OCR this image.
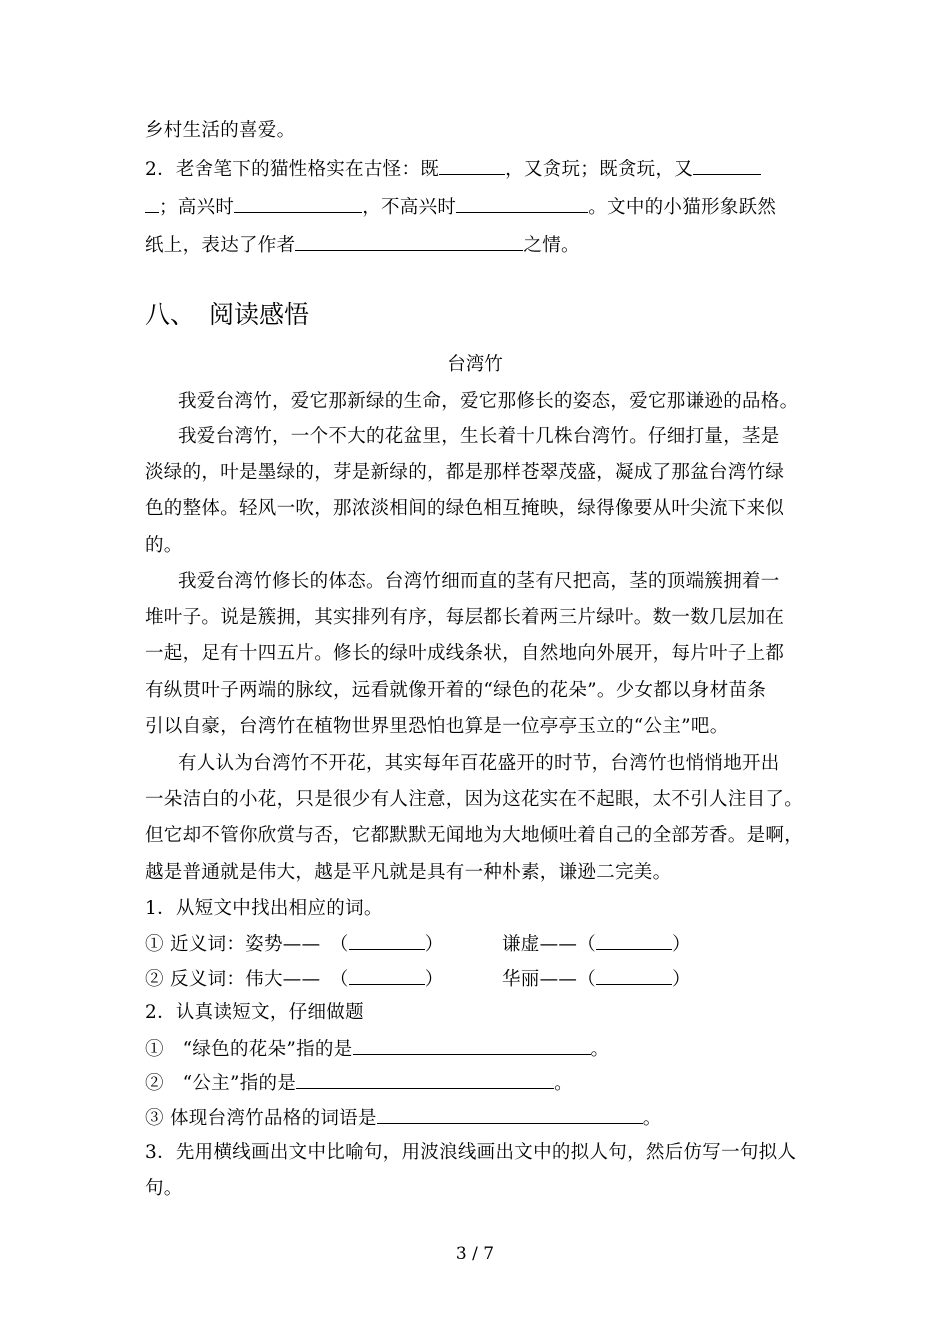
乡村生活的喜爱。
2．老舍笔下的猫性格实在古怪：既	，又贪玩；既贪玩，又
；高兴时	，不高兴时	。文中的小猫形象跃然
纸上，表达了作者	之情。
八、 阅读感悟
台湾竹
我爱台湾竹，爱它那新绿的生命，爱它那修长的姿态，爱它那谦逊的品格。
我爱台湾竹，一个不大的花盆里，生长着十几株台湾竹。仔细打量，茎是
淡绿的，叶是墨绿的，芽是新绿的，都是那样苍翠茂盛，凝成了那盆台湾竹绿
色的整体。轻风一吹，那浓淡相间的绿色相互掩映，绿得像要从叶尖流下来似
的。
我爱台湾竹修长的体态。台湾竹细而直的茎有尺把高，茎的顶端簇拥着一
堆叶子。说是簇拥，其实排列有序，每层都长着两三片绿叶。数一数几层加在
一起，足有十四五片。修长的绿叶成线条状，自然地向外展开，每片叶子上都
有纵贯叶子两端的脉纹，远看就像开着的“绿色的花朵”。少女都以身材苗条
引以自豪，台湾竹在植物世界里恐怕也算是一位亭亭玉立的“公主”吧。
有人认为台湾竹不开花，其实每年百花盛开的时节，台湾竹也悄悄地开出
一朵洁白的小花，只是很少有人注意，因为这花实在不起眼，太不引人注目了。
但它却不管你欣赏与否，它都默默无闻地为大地倾吐着自己的全部芳香。是啊，
越是普通就是伟大，越是平凡就是具有一种朴素，谦逊二完美。
1．从短文中找出相应的词。
① 近义词：姿势——　（	）	谦虚——（	）
② 反义词：伟大——　（	）	华丽——（	）
2．认真读短文，仔细做题
①　“绿色的花朵”指的是	。
②　“公主”指的是	。
③ 体现台湾竹品格的词语是	。
3．先用横线画出文中比喻句，用波浪线画出文中的拟人句，然后仿写一句拟人
句。
3 / 7
